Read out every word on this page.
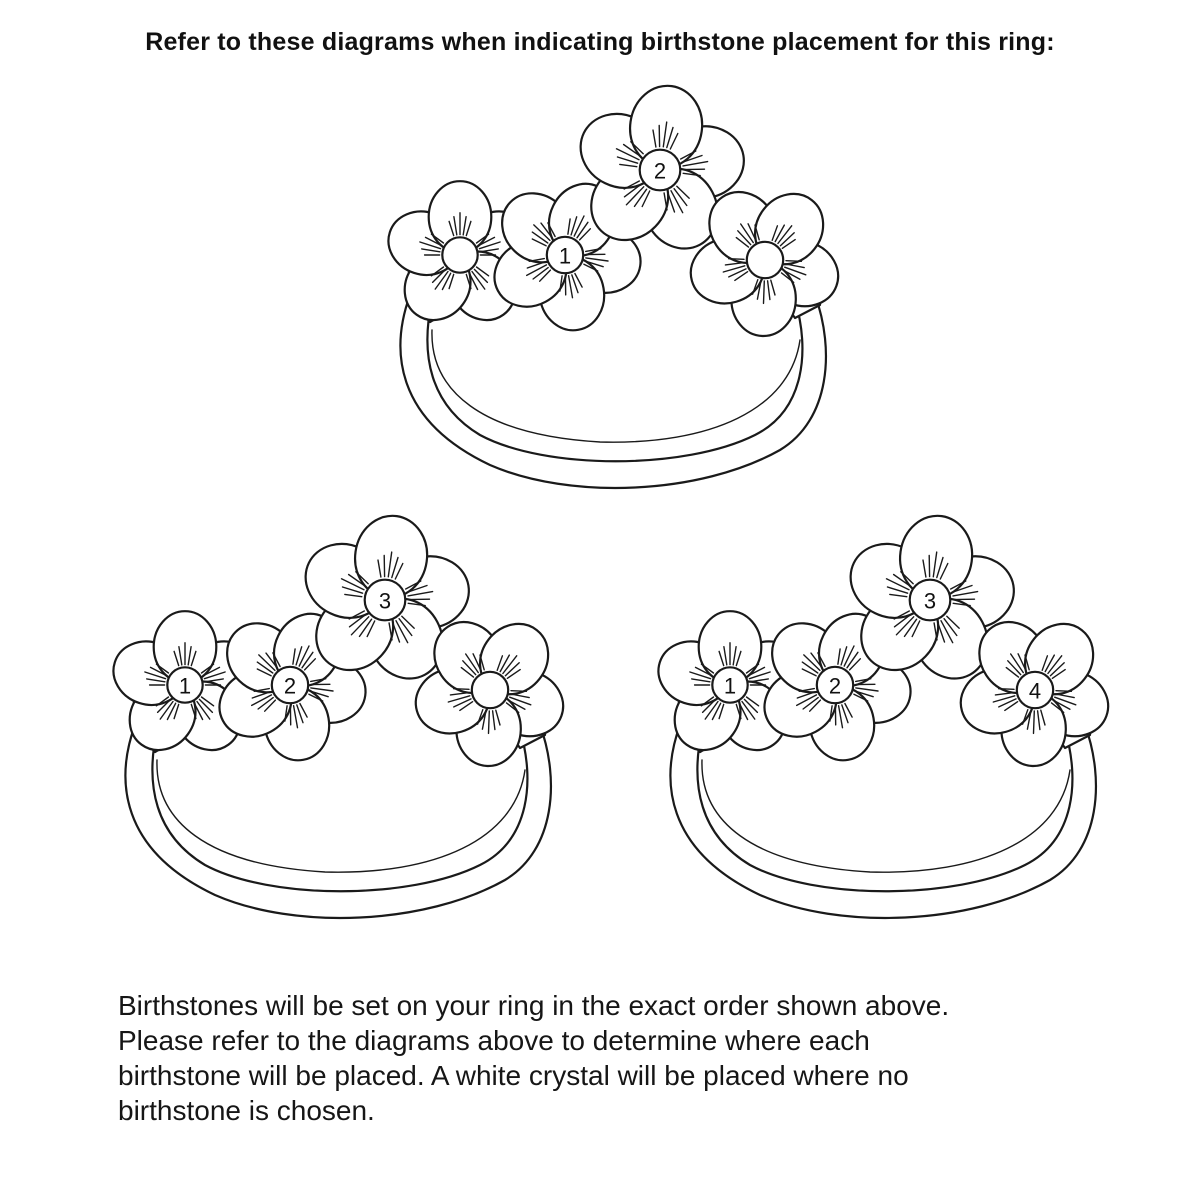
Refer to these diagrams when indicating birthstone placement for this ring:
1
2
1	2
3
1	2
3
4
Birthstones will be set on your ring in the exact order shown above.
Please refer to the diagrams above to determine where each
birthstone will be placed. A white crystal will be placed where no
birthstone is chosen.
